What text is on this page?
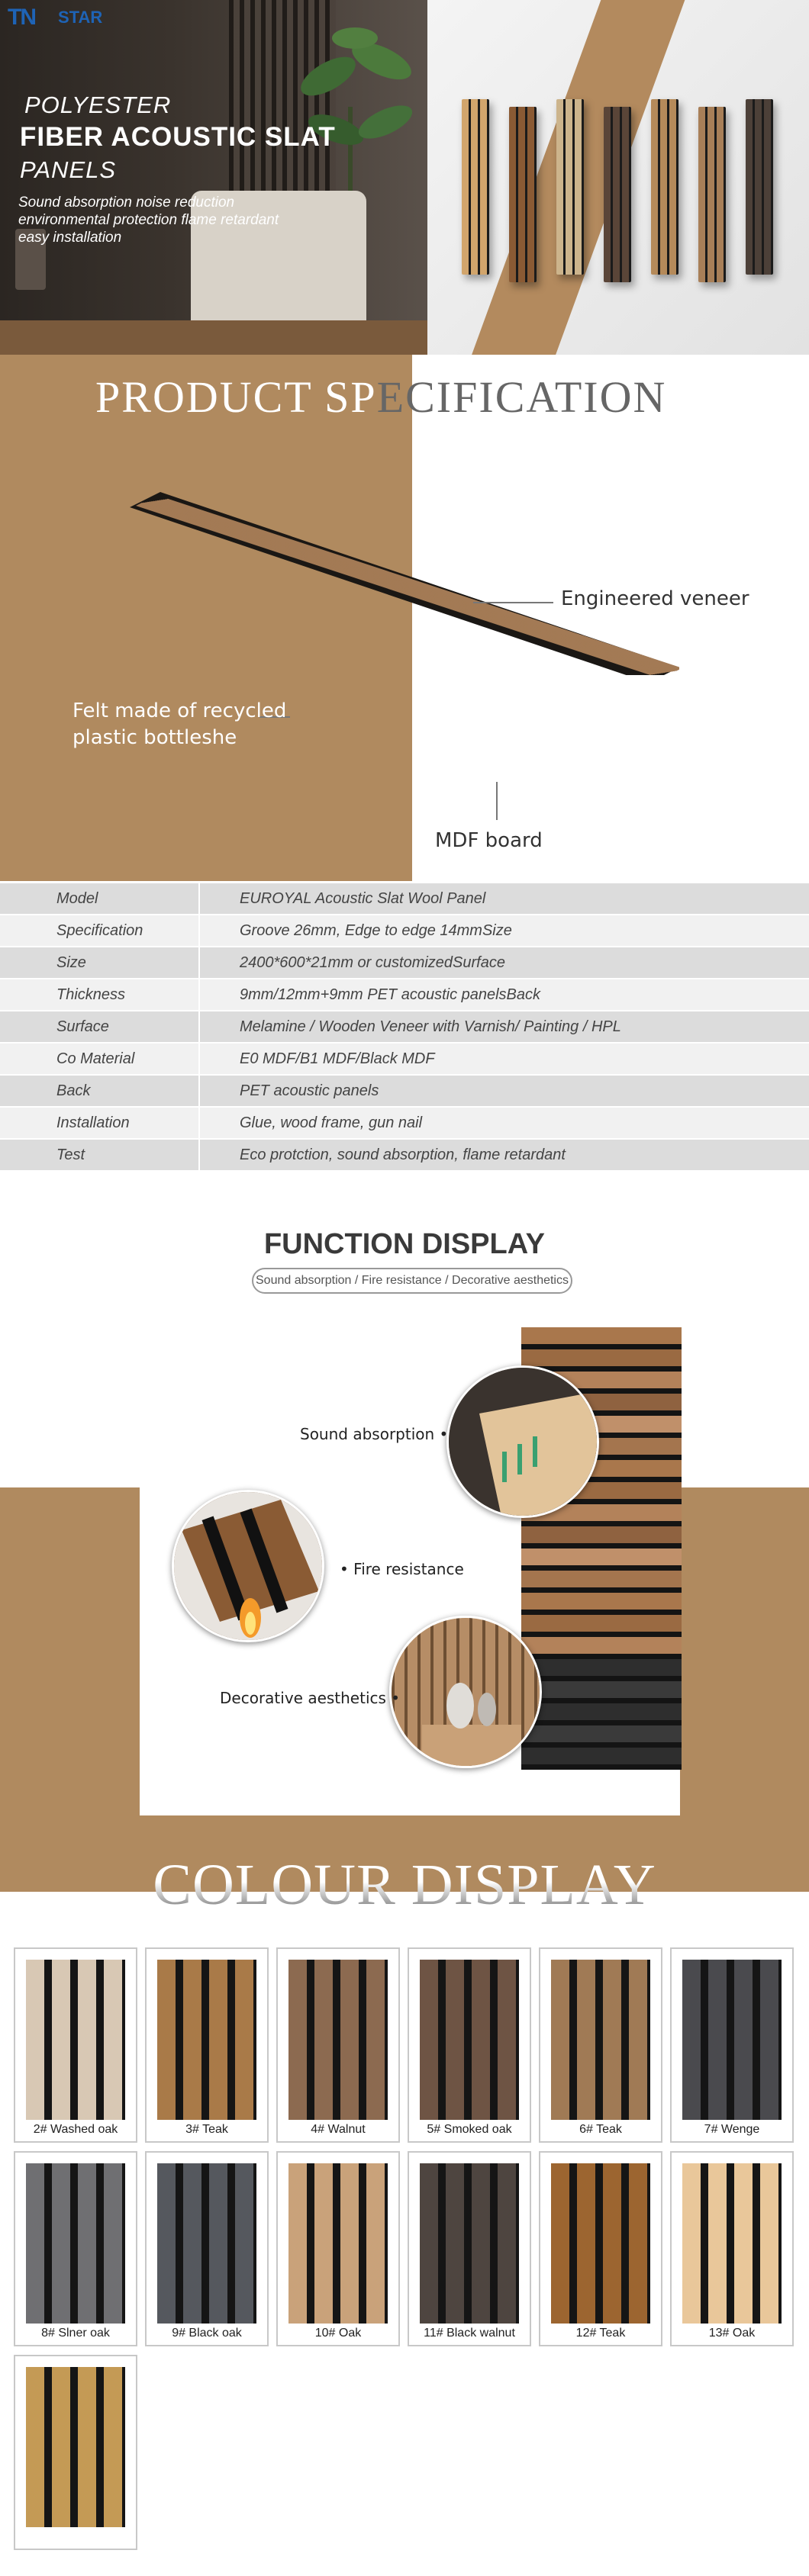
TN	STAR
POLYESTER
FIBER ACOUSTIC SLAT
PANELS
Sound absorption noise reduction
environmental protection flame retardant
easy installation
PRODUCT SPECIFICATION
Engineered veneer
Felt made of recycled
plastic bottleshe
MDF board
Model	EUROYAL Acoustic Slat Wool Panel
Specification	Groove 26mm, Edge to edge 14mmSize
Size	2400*600*21mm or customizedSurface
Thickness	9mm/12mm+9mm PET acoustic panelsBack
Surface	Melamine / Wooden Veneer with Varnish/ Painting / HPL
Co Material	E0 MDF/B1 MDF/Black MDF
Back	PET acoustic panels
Installation	Glue, wood frame, gun nail
Test	Eco protction, sound absorption, flame retardant
FUNCTION DISPLAY
Sound absorption / Fire resistance / Decorative aesthetics
Sound absorption •
• Fire resistance
Decorative aesthetics •
COLOUR DISPLAY
2# Washed oak	3# Teak	4# Walnut	5# Smoked oak	6# Teak	7# Wenge
8# Slner oak	9# Black oak	10# Oak	11# Black walnut	12# Teak	13# Oak
